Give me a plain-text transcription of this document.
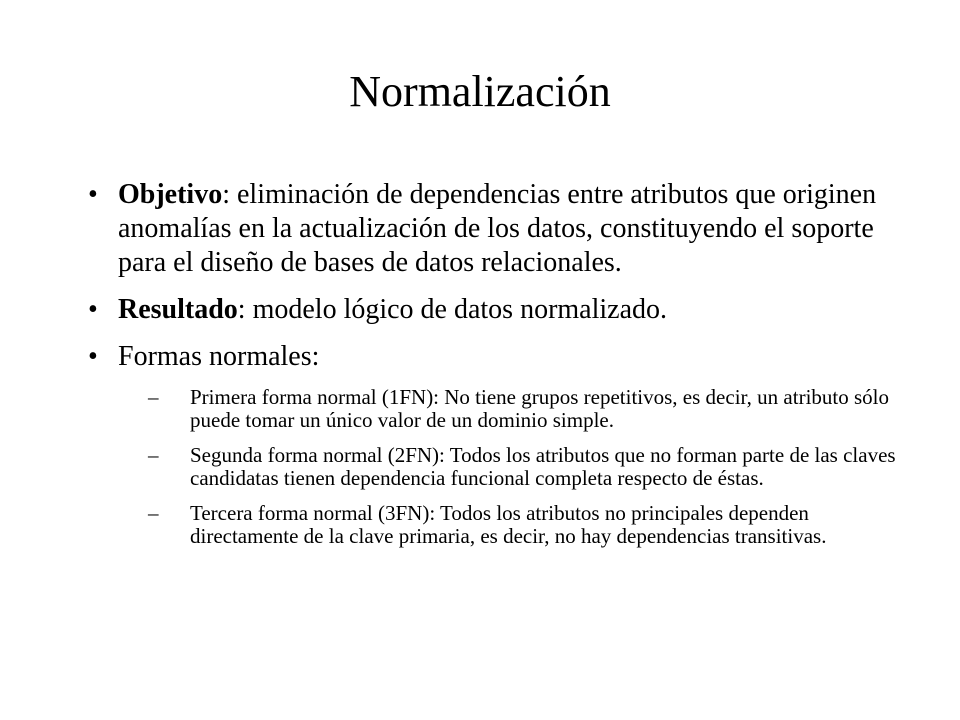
Normalización
• Objetivo: eliminación de dependencias entre atributos que originen anomalías en la actualización de los datos, constituyendo el soporte para el diseño de bases de datos relacionales.
• Resultado: modelo lógico de datos normalizado.
• Formas normales:
– Primera forma normal (1FN): No tiene grupos repetitivos, es decir, un atributo sólo puede tomar un único valor de un dominio simple.
– Segunda forma normal (2FN): Todos los atributos que no forman parte de las claves candidatas tienen dependencia funcional completa respecto de éstas.
– Tercera forma normal (3FN): Todos los atributos no principales dependen directamente de la clave primaria, es decir, no hay dependencias transitivas.
